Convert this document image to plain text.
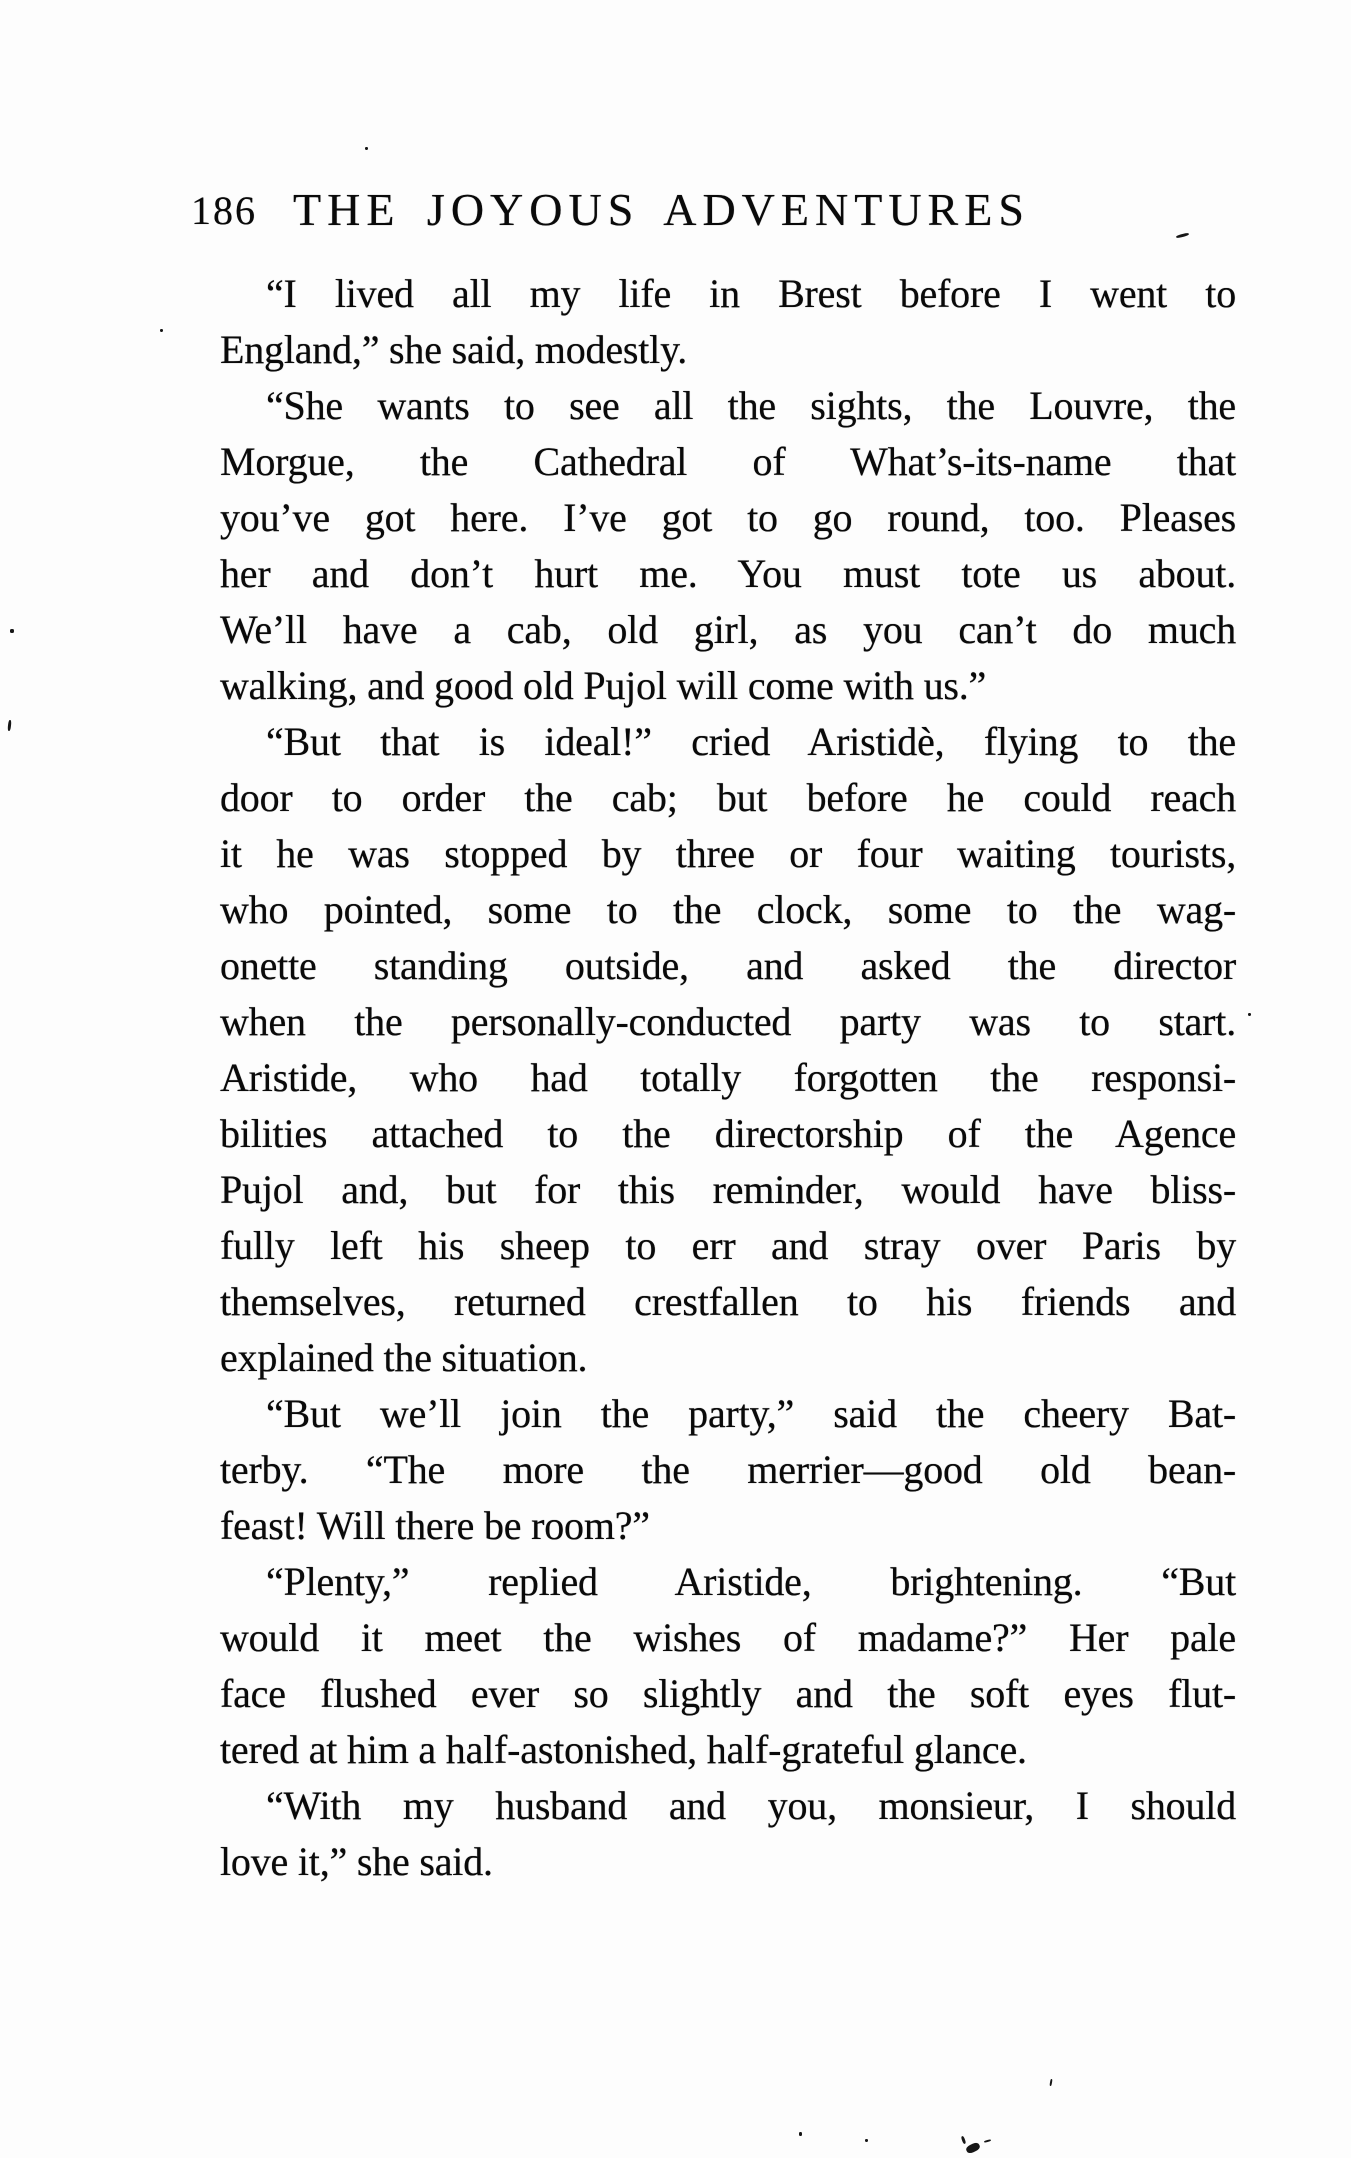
186 THE JOYOUS ADVENTURES
“I lived all my life in Brest before I went to
England,” she said, modestly.
“She wants to see all the sights, the Louvre, the
Morgue, the Cathedral of What’s-its-name that
you’ve got here. I’ve got to go round, too. Pleases
her and don’t hurt me. You must tote us about.
We’ll have a cab, old girl, as you can’t do much
walking, and good old Pujol will come with us.”
“But that is ideal!” cried Aristidè, flying to the
door to order the cab; but before he could reach
it he was stopped by three or four waiting tourists,
who pointed, some to the clock, some to the wag-
onette standing outside, and asked the director
when the personally-conducted party was to start.
Aristide, who had totally forgotten the responsi-
bilities attached to the directorship of the Agence
Pujol and, but for this reminder, would have bliss-
fully left his sheep to err and stray over Paris by
themselves, returned crestfallen to his friends and
explained the situation.
“But we’ll join the party,” said the cheery Bat-
terby. “The more the merrier—good old bean-
feast! Will there be room?”
“Plenty,” replied Aristide, brightening. “But
would it meet the wishes of madame?” Her pale
face flushed ever so slightly and the soft eyes flut-
tered at him a half-astonished, half-grateful glance.
“With my husband and you, monsieur, I should
love it,” she said.
